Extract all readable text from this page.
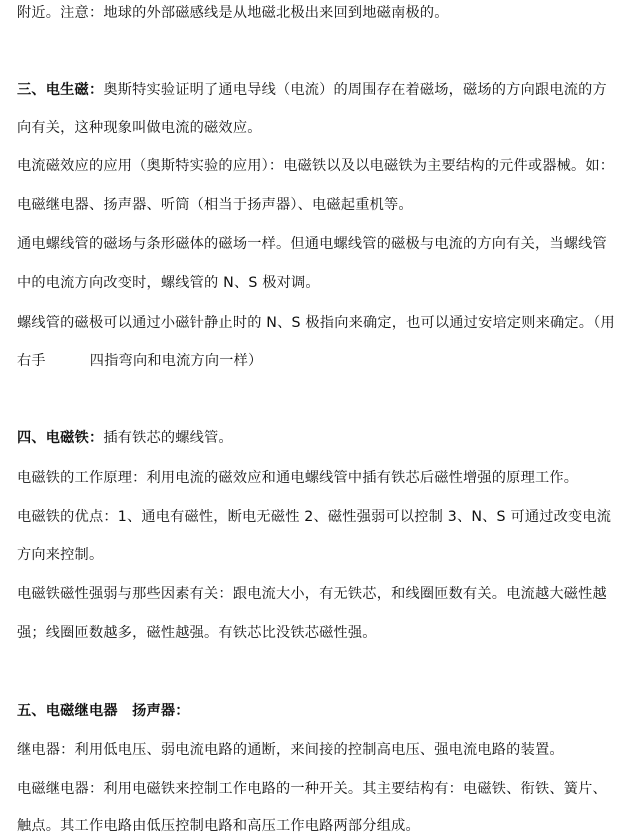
附近。注意：地球的外部磁感线是从地磁北极出来回到地磁南极的。
三、电生磁：奥斯特实验证明了通电导线（电流）的周围存在着磁场，磁场的方向跟电流的方
向有关，这种现象叫做电流的磁效应。
电流磁效应的应用（奥斯特实验的应用）：电磁铁以及以电磁铁为主要结构的元件或器械。如：
电磁继电器、扬声器、听筒（相当于扬声器）、电磁起重机等。
通电螺线管的磁场与条形磁体的磁场一样。但通电螺线管的磁极与电流的方向有关，当螺线管
中的电流方向改变时，螺线管的 N、S 极对调。
螺线管的磁极可以通过小磁针静止时的 N、S 极指向来确定，也可以通过安培定则来确定。（用
右手	四指弯向和电流方向一样）
四、电磁铁：插有铁芯的螺线管。
电磁铁的工作原理：利用电流的磁效应和通电螺线管中插有铁芯后磁性增强的原理工作。
电磁铁的优点：1、通电有磁性，断电无磁性 2、磁性强弱可以控制 3、N、S 可通过改变电流
方向来控制。
电磁铁磁性强弱与那些因素有关：跟电流大小，有无铁芯，和线圈匝数有关。电流越大磁性越
强；线圈匝数越多，磁性越强。有铁芯比没铁芯磁性强。
五、电磁继电器　扬声器：
继电器：利用低电压、弱电流电路的通断，来间接的控制高电压、强电流电路的装置。
电磁继电器：利用电磁铁来控制工作电路的一种开关。其主要结构有：电磁铁、衔铁、簧片、
触点。其工作电路由低压控制电路和高压工作电路两部分组成。
